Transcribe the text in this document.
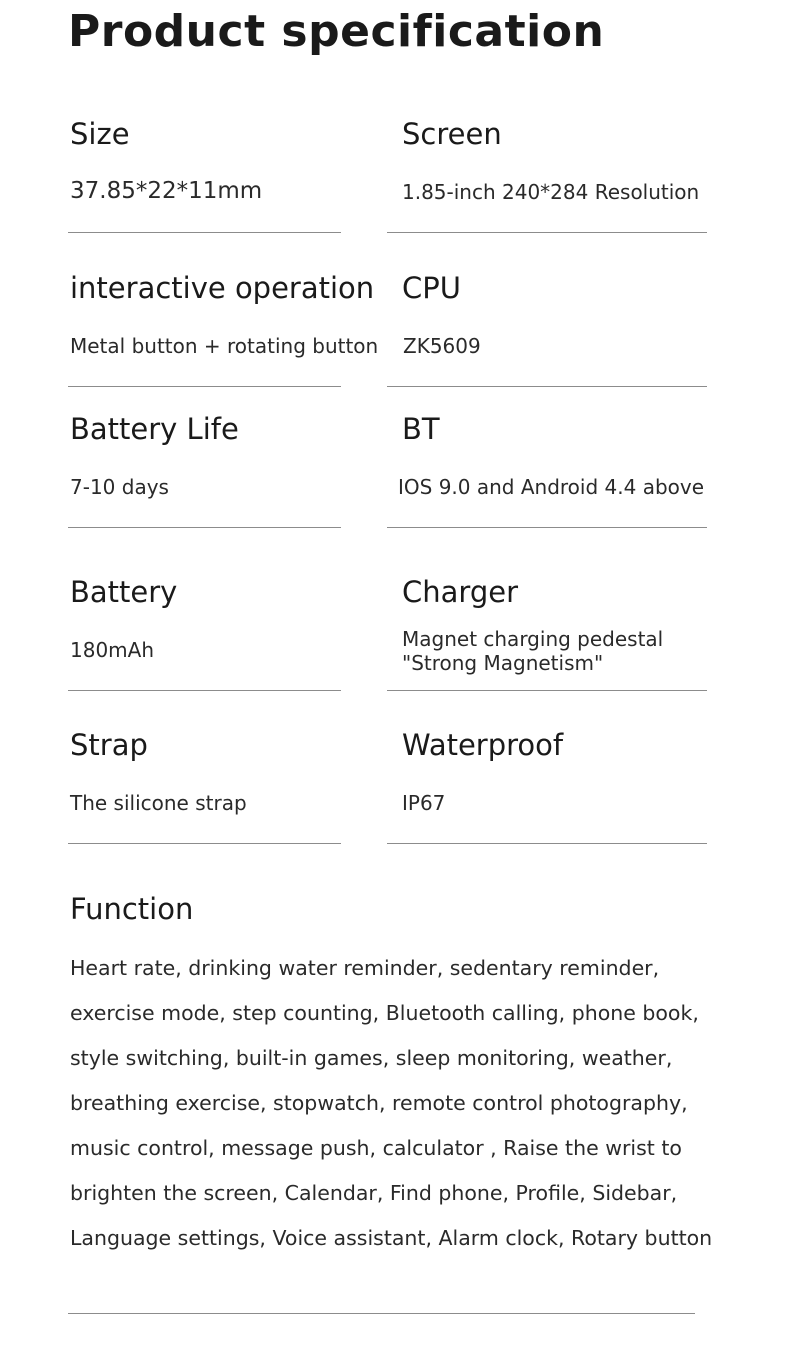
Product specification
Size
37.85*22*11mm
Screen
1.85-inch 240*284 Resolution
interactive operation
Metal button + rotating button
CPU
ZK5609
Battery Life
7-10 days
BT
IOS 9.0 and Android 4.4 above
Battery
180mAh
Charger
Magnet charging pedestal
"Strong Magnetism"
Strap
The silicone strap
Waterproof
IP67
Function
Heart rate, drinking water reminder, sedentary reminder, exercise mode, step counting, Bluetooth calling, phone book, style switching, built-in games, sleep monitoring, weather, breathing exercise, stopwatch, remote control photography, music control, message push, calculator , Raise the wrist to brighten the screen, Calendar, Find phone, Profile, Sidebar, Language settings, Voice assistant, Alarm clock, Rotary button
